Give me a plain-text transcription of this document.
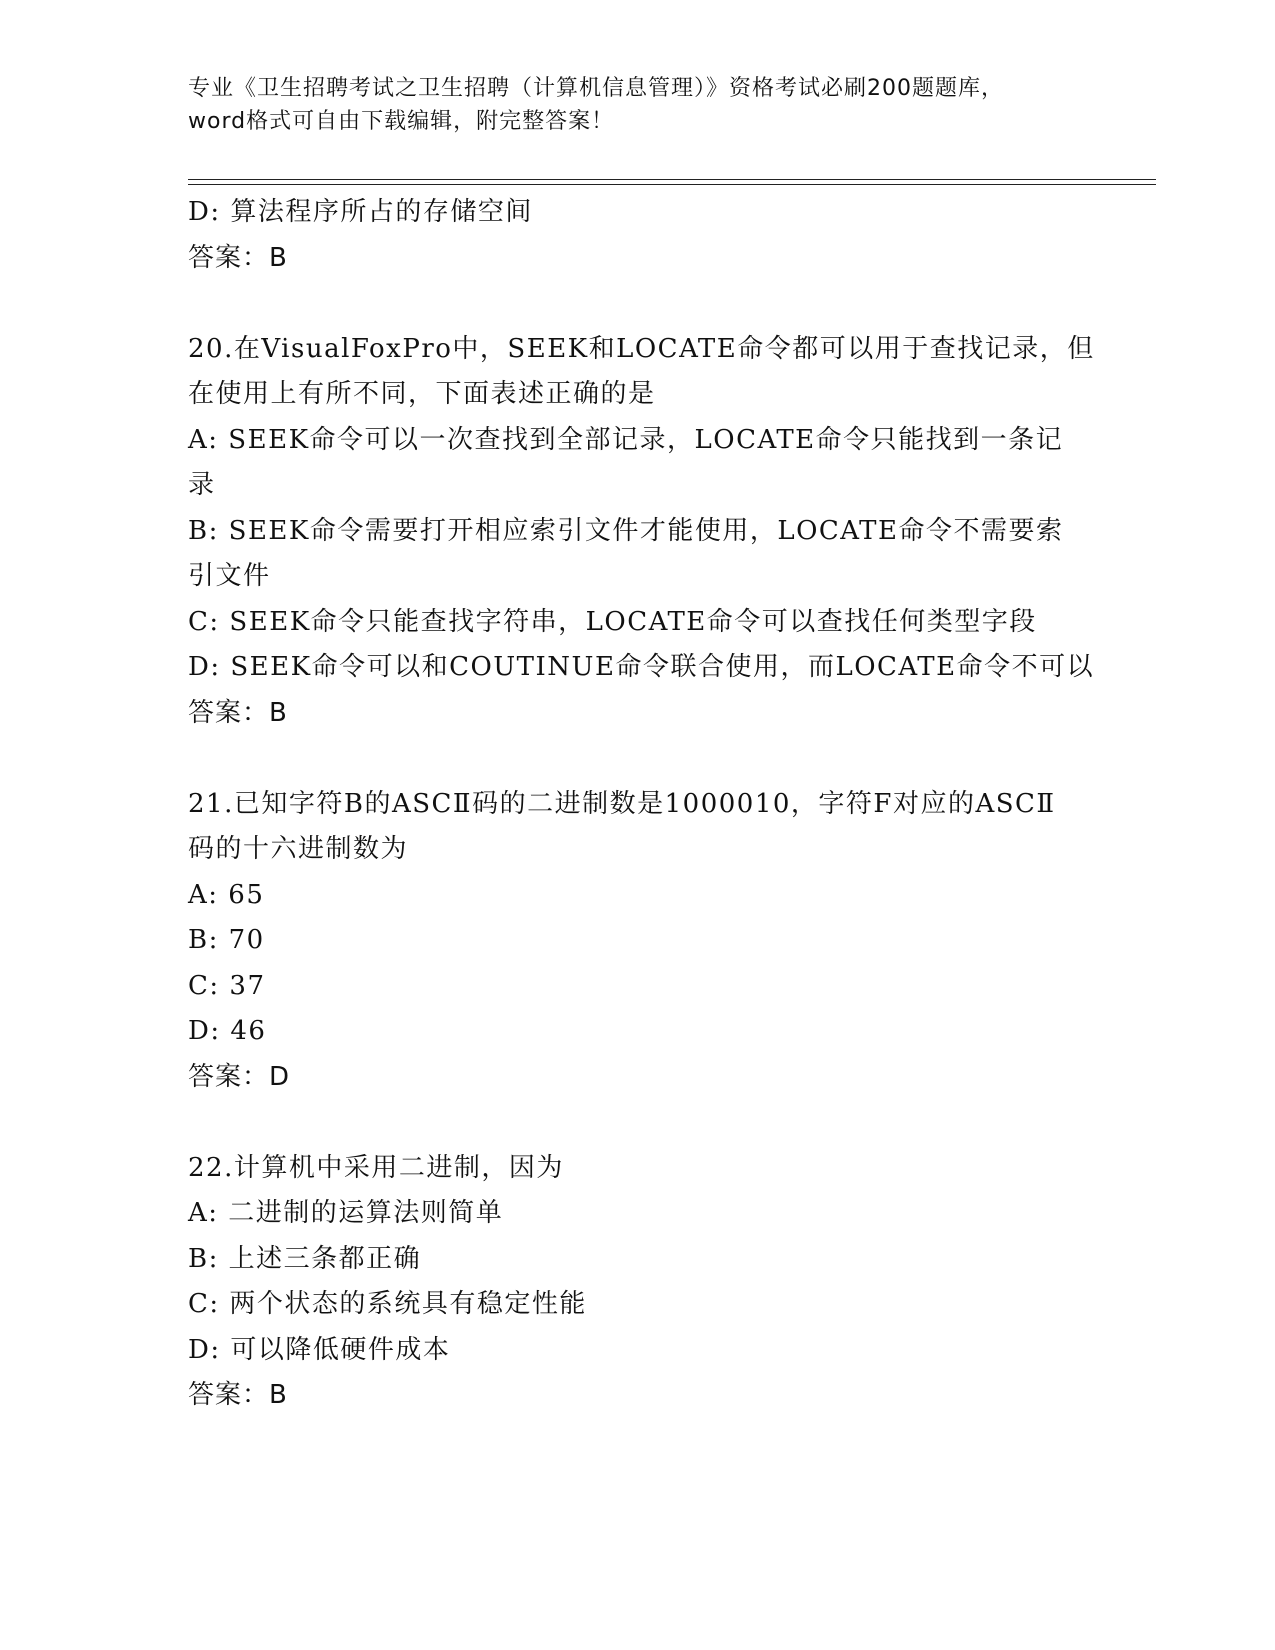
专业《卫生招聘考试之卫生招聘（计算机信息管理）》资格考试必刷200题题库，
word格式可自由下载编辑，附完整答案！
D: 算法程序所占的存储空间
答案：B
20.在VisualFoxPro中，SEEK和LOCATE命令都可以用于查找记录，但
在使用上有所不同，下面表述正确的是
A: SEEK命令可以一次查找到全部记录，LOCATE命令只能找到一条记
录
B: SEEK命令需要打开相应索引文件才能使用，LOCATE命令不需要索
引文件
C: SEEK命令只能查找字符串，LOCATE命令可以查找任何类型字段
D: SEEK命令可以和COUTINUE命令联合使用，而LOCATE命令不可以
答案：B
21.已知字符B的ASCⅡ码的二进制数是1000010，字符F对应的ASCⅡ
码的十六进制数为
A: 65
B: 70
C: 37
D: 46
答案：D
22.计算机中采用二进制，因为
A: 二进制的运算法则简单
B: 上述三条都正确
C: 两个状态的系统具有稳定性能
D: 可以降低硬件成本
答案：B
